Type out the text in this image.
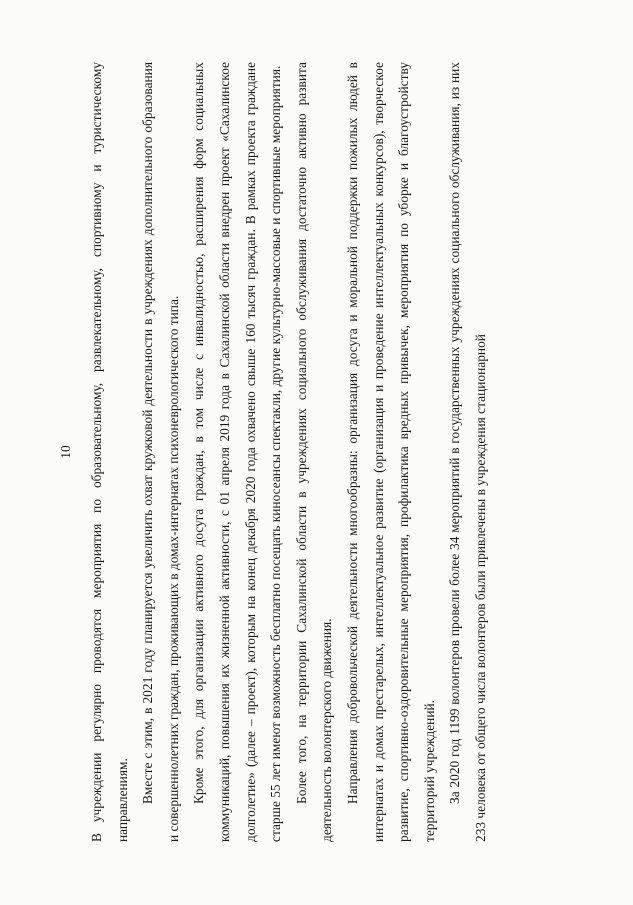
10	В учреждении регулярно проводятся мероприятия по образовательному, развлекательному, спортивному и туристическому направлениям. Вместе с этим, в 2021 году планируется увеличить охват кружковой деятельности в учреждениях дополнительного образования и совершеннолетних граждан, проживающих в домах-интернатах психоневрологического типа. Кроме этого, для организации активного досуга граждан, в том числе с инвалидностью, расширения форм социальных коммуникаций, повышения их жизненной активности, с 01 апреля 2019 года в Сахалинской области внедрен проект «Сахалинское долголетие» (далее – проект), которым на конец декабря 2020 года охвачено свыше 160 тысяч граждан. В рамках проекта граждане старше 55 лет имеют возможность бесплатно посещать киносеансы спектакли, другие культурно-массовые и спортивные мероприятия. Более того, на территории Сахалинской области в учреждениях социального обслуживания достаточно активно развита деятельность волонтерского движения. Направления добровольческой деятельности многообразны: организация досуга и моральной поддержки пожилых людей в интернатах и домах престарелых, интеллектуальное развитие (организация и проведение интеллектуальных конкурсов), творческое развитие, спортивно-оздоровительные мероприятия, профилактика вредных привычек, мероприятия по уборке и благоустройству территорий учреждений. За 2020 год 1199 волонтеров провели более 34 мероприятий в государственных учреждениях социального обслуживания, из них 233 человека от общего числа волонтеров были привлечены в учреждения стационарной
